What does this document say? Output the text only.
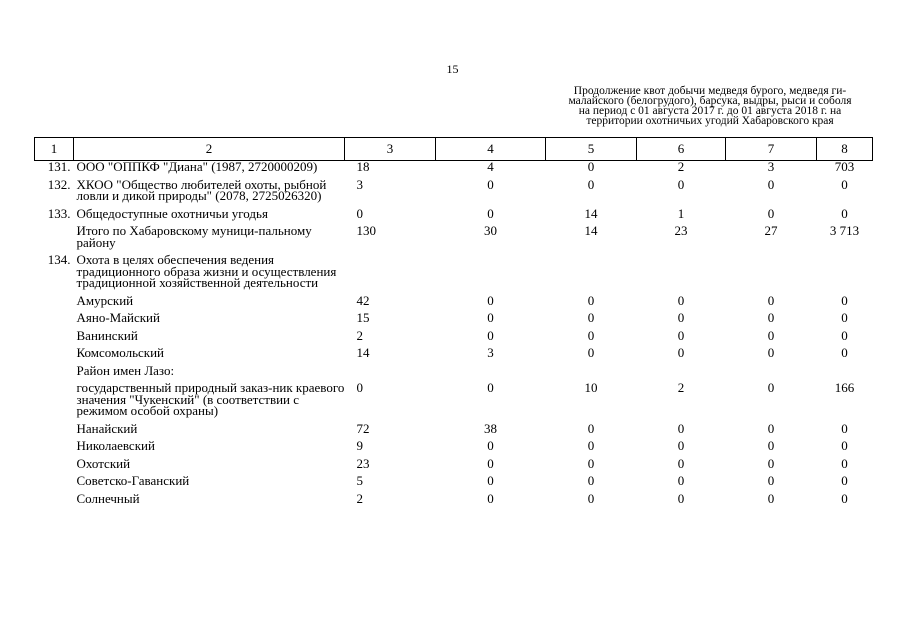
15
Продолжение квот добычи медведя бурого, медведя ги-
малайского (белогрудого), барсука, выдры, рыси и соболя
на период с 01 августа 2017 г. до 01 августа 2018 г. на
территории охотничьих угодий Хабаровского края
1	2	3	4	5	6	7	8
131.	ООО "ОППКФ "Диана" (1987, 2720000209)	18	4	0	2	3	703
132.	ХКОО "Общество любителей охоты, рыбной ловли и дикой природы" (2078, 2725026320)	3	0	0	0	0	0
133.	Общедоступные охотничьи угодья	0	0	14	1	0	0
	Итого по Хабаровскому муници-пальному району	130	30	14	23	27	3 713
134.	Охота в целях обеспечения ведения традиционного образа жизни и осуществления традиционной хозяйственной деятельности						
	Амурский	42	0	0	0	0	0
	Аяно-Майский	15	0	0	0	0	0
	Ванинский	2	0	0	0	0	0
	Комсомольский	14	3	0	0	0	0
	Район имен Лазо:						
	государственный природный заказ-ник краевого значения "Чукенский" (в соответствии с режимом особой охраны)	0	0	10	2	0	166
	Нанайский	72	38	0	0	0	0
	Николаевский	9	0	0	0	0	0
	Охотский	23	0	0	0	0	0
	Советско-Гаванский	5	0	0	0	0	0
	Солнечный	2	0	0	0	0	0
